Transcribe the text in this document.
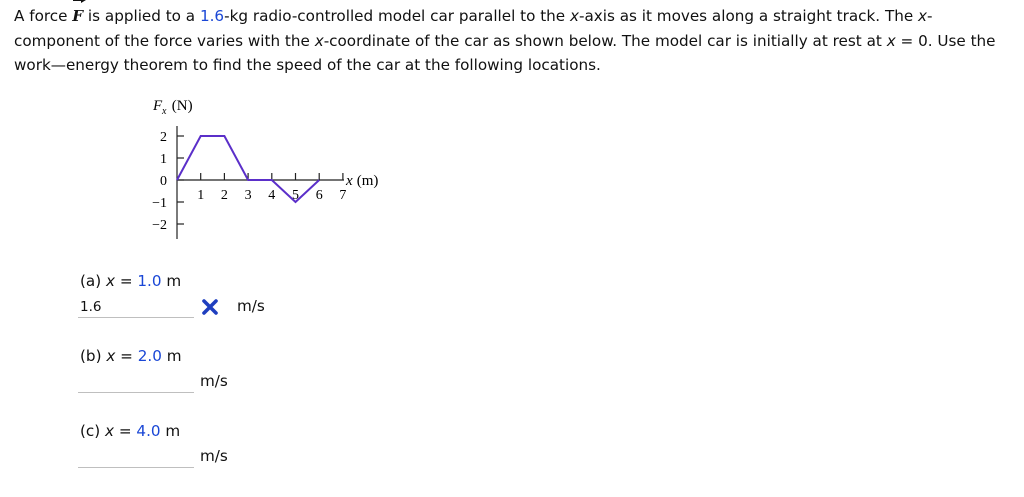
A force F is applied to a 1.6-kg radio-controlled model car parallel to the x-axis as it moves along a straight track. The x-component of the force varies with the x-coordinate of the car as shown below. The model car is initially at rest at x = 0. Use the work—energy theorem to find the speed of the car at the following locations.
F x (N)
2
1
0
−1
−2
1 2 3 4 5 6 7
x (m)
(a) x = 1.0 m
1.6
m/s
(b) x = 2.0 m
m/s
(c) x = 4.0 m
m/s
